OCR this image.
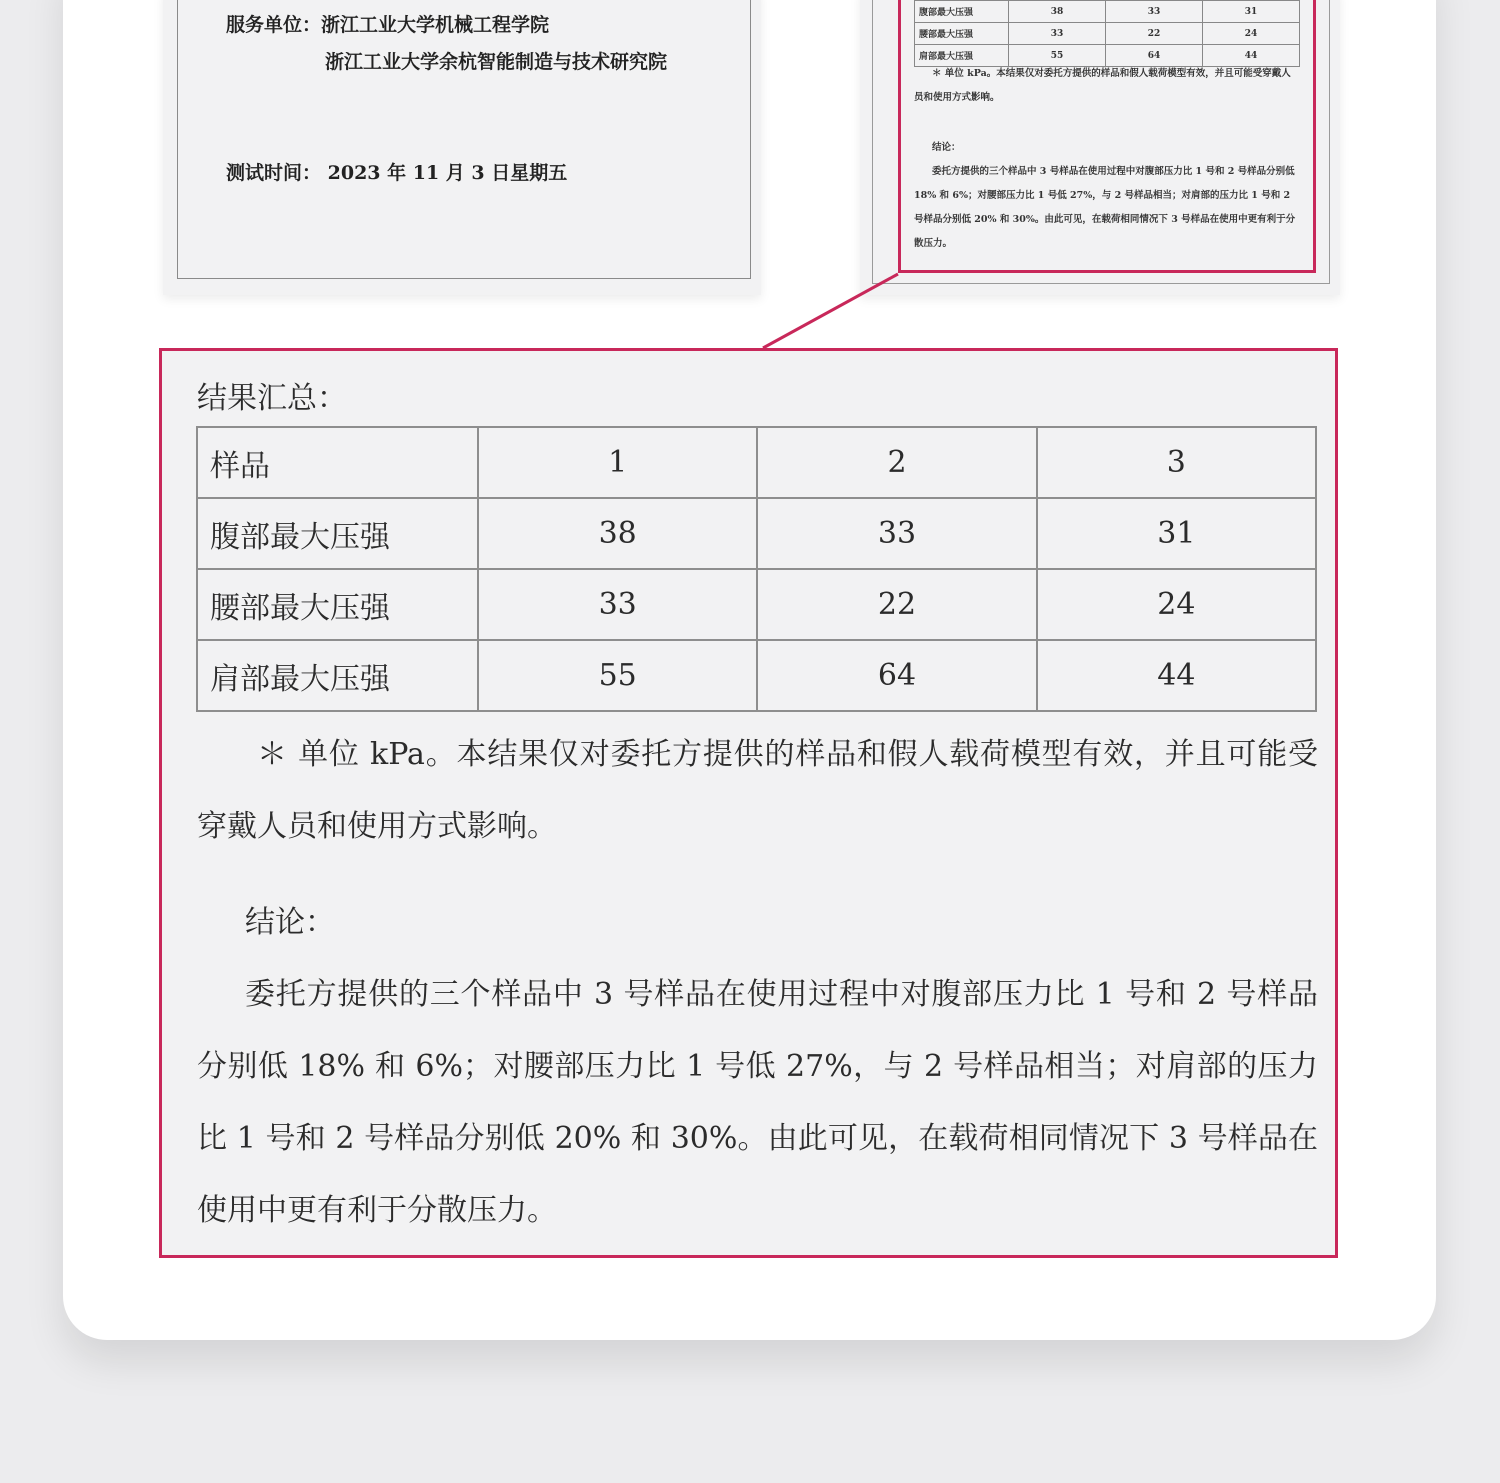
服务单位：浙江工业大学机械工程学院
浙江工业大学余杭智能制造与技术研究院
测试时间： 2023 年 11 月 3 日星期五
腹部最大压强	38	33	31
腰部最大压强	33	22	24
肩部最大压强	55	64	44
＊ 单位 kPa。本结果仅对委托方提供的样品和假人载荷模型有效，并且可能受穿戴人员和使用方式影响。
结论：
委托方提供的三个样品中 3 号样品在使用过程中对腹部压力比 1 号和 2 号样品分别低 18% 和 6%；对腰部压力比 1 号低 27%，与 2 号样品相当；对肩部的压力比 1 号和 2 号样品分别低 20% 和 30%。由此可见，在载荷相同情况下 3 号样品在使用中更有利于分散压力。
结果汇总：
样品	1	2	3
腹部最大压强	38	33	31
腰部最大压强	33	22	24
肩部最大压强	55	64	44
＊ 单位 kPa。本结果仅对委托方提供的样品和假人载荷模型有效，并且可能受穿戴人员和使用方式影响。
结论：
委托方提供的三个样品中 3 号样品在使用过程中对腹部压力比 1 号和 2 号样品分别低 18% 和 6%；对腰部压力比 1 号低 27%，与 2 号样品相当；对肩部的压力比 1 号和 2 号样品分别低 20% 和 30%。由此可见，在载荷相同情况下 3 号样品在使用中更有利于分散压力。
